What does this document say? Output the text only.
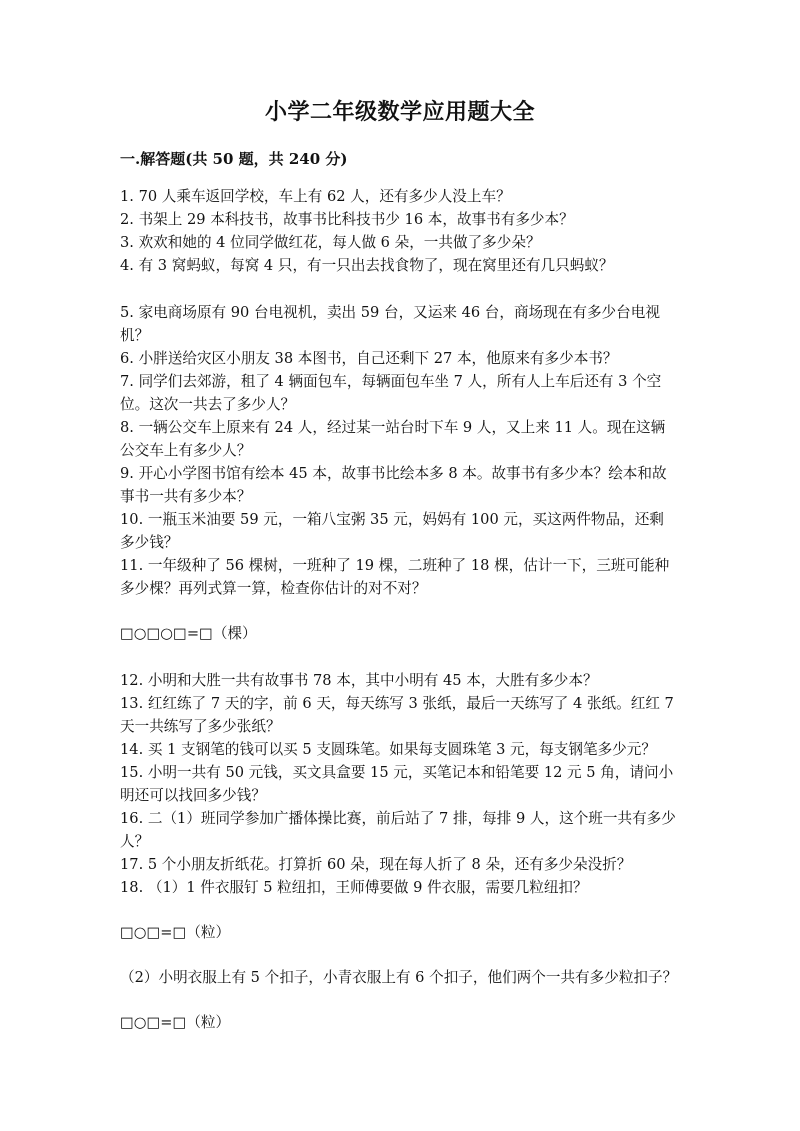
小学二年级数学应用题大全
一.解答题(共 50 题，共 240 分)

1. 70 人乘车返回学校，车上有 62 人，还有多少人没上车？

2. 书架上 29 本科技书，故事书比科技书少 16 本，故事书有多少本？

3. 欢欢和她的 4 位同学做红花，每人做 6 朵，一共做了多少朵？

4. 有 3 窝蚂蚁，每窝 4 只，有一只出去找食物了，现在窝里还有几只蚂蚁？

5. 家电商场原有 90 台电视机，卖出 59 台，又运来 46 台，商场现在有多少台电视机？

6. 小胖送给灾区小朋友 38 本图书，自己还剩下 27 本，他原来有多少本书？

7. 同学们去郊游，租了 4 辆面包车，每辆面包车坐 7 人，所有人上车后还有 3 个空位。这次一共去了多少人？

8. 一辆公交车上原来有 24 人，经过某一站台时下车 9 人，又上来 11 人。现在这辆公交车上有多少人？

9. 开心小学图书馆有绘本 45 本，故事书比绘本多 8 本。故事书有多少本？绘本和故事书一共有多少本？

10. 一瓶玉米油要 59 元，一箱八宝粥 35 元，妈妈有 100 元，买这两件物品，还剩多少钱？

11. 一年级种了 56 棵树，一班种了 19 棵，二班种了 18 棵，估计一下，三班可能种多少棵？再列式算一算，检查你估计的对不对？

□○□○□=□（棵）

12. 小明和大胜一共有故事书 78 本，其中小明有 45 本，大胜有多少本？

13. 红红练了 7 天的字，前 6 天，每天练写 3 张纸，最后一天练写了 4 张纸。红红 7 天一共练写了多少张纸？

14. 买 1 支钢笔的钱可以买 5 支圆珠笔。如果每支圆珠笔 3 元，每支钢笔多少元？

15. 小明一共有 50 元钱，买文具盒要 15 元，买笔记本和铅笔要 12 元 5 角，请问小明还可以找回多少钱？

16. 二（1）班同学参加广播体操比赛，前后站了 7 排，每排 9 人，这个班一共有多少人？

17. 5 个小朋友折纸花。打算折 60 朵，现在每人折了 8 朵，还有多少朵没折？

18. （1）1 件衣服钉 5 粒纽扣，王师傅要做 9 件衣服，需要几粒纽扣？

□○□=□（粒）

（2）小明衣服上有 5 个扣子，小青衣服上有 6 个扣子，他们两个一共有多少粒扣子？

□○□=□（粒）
